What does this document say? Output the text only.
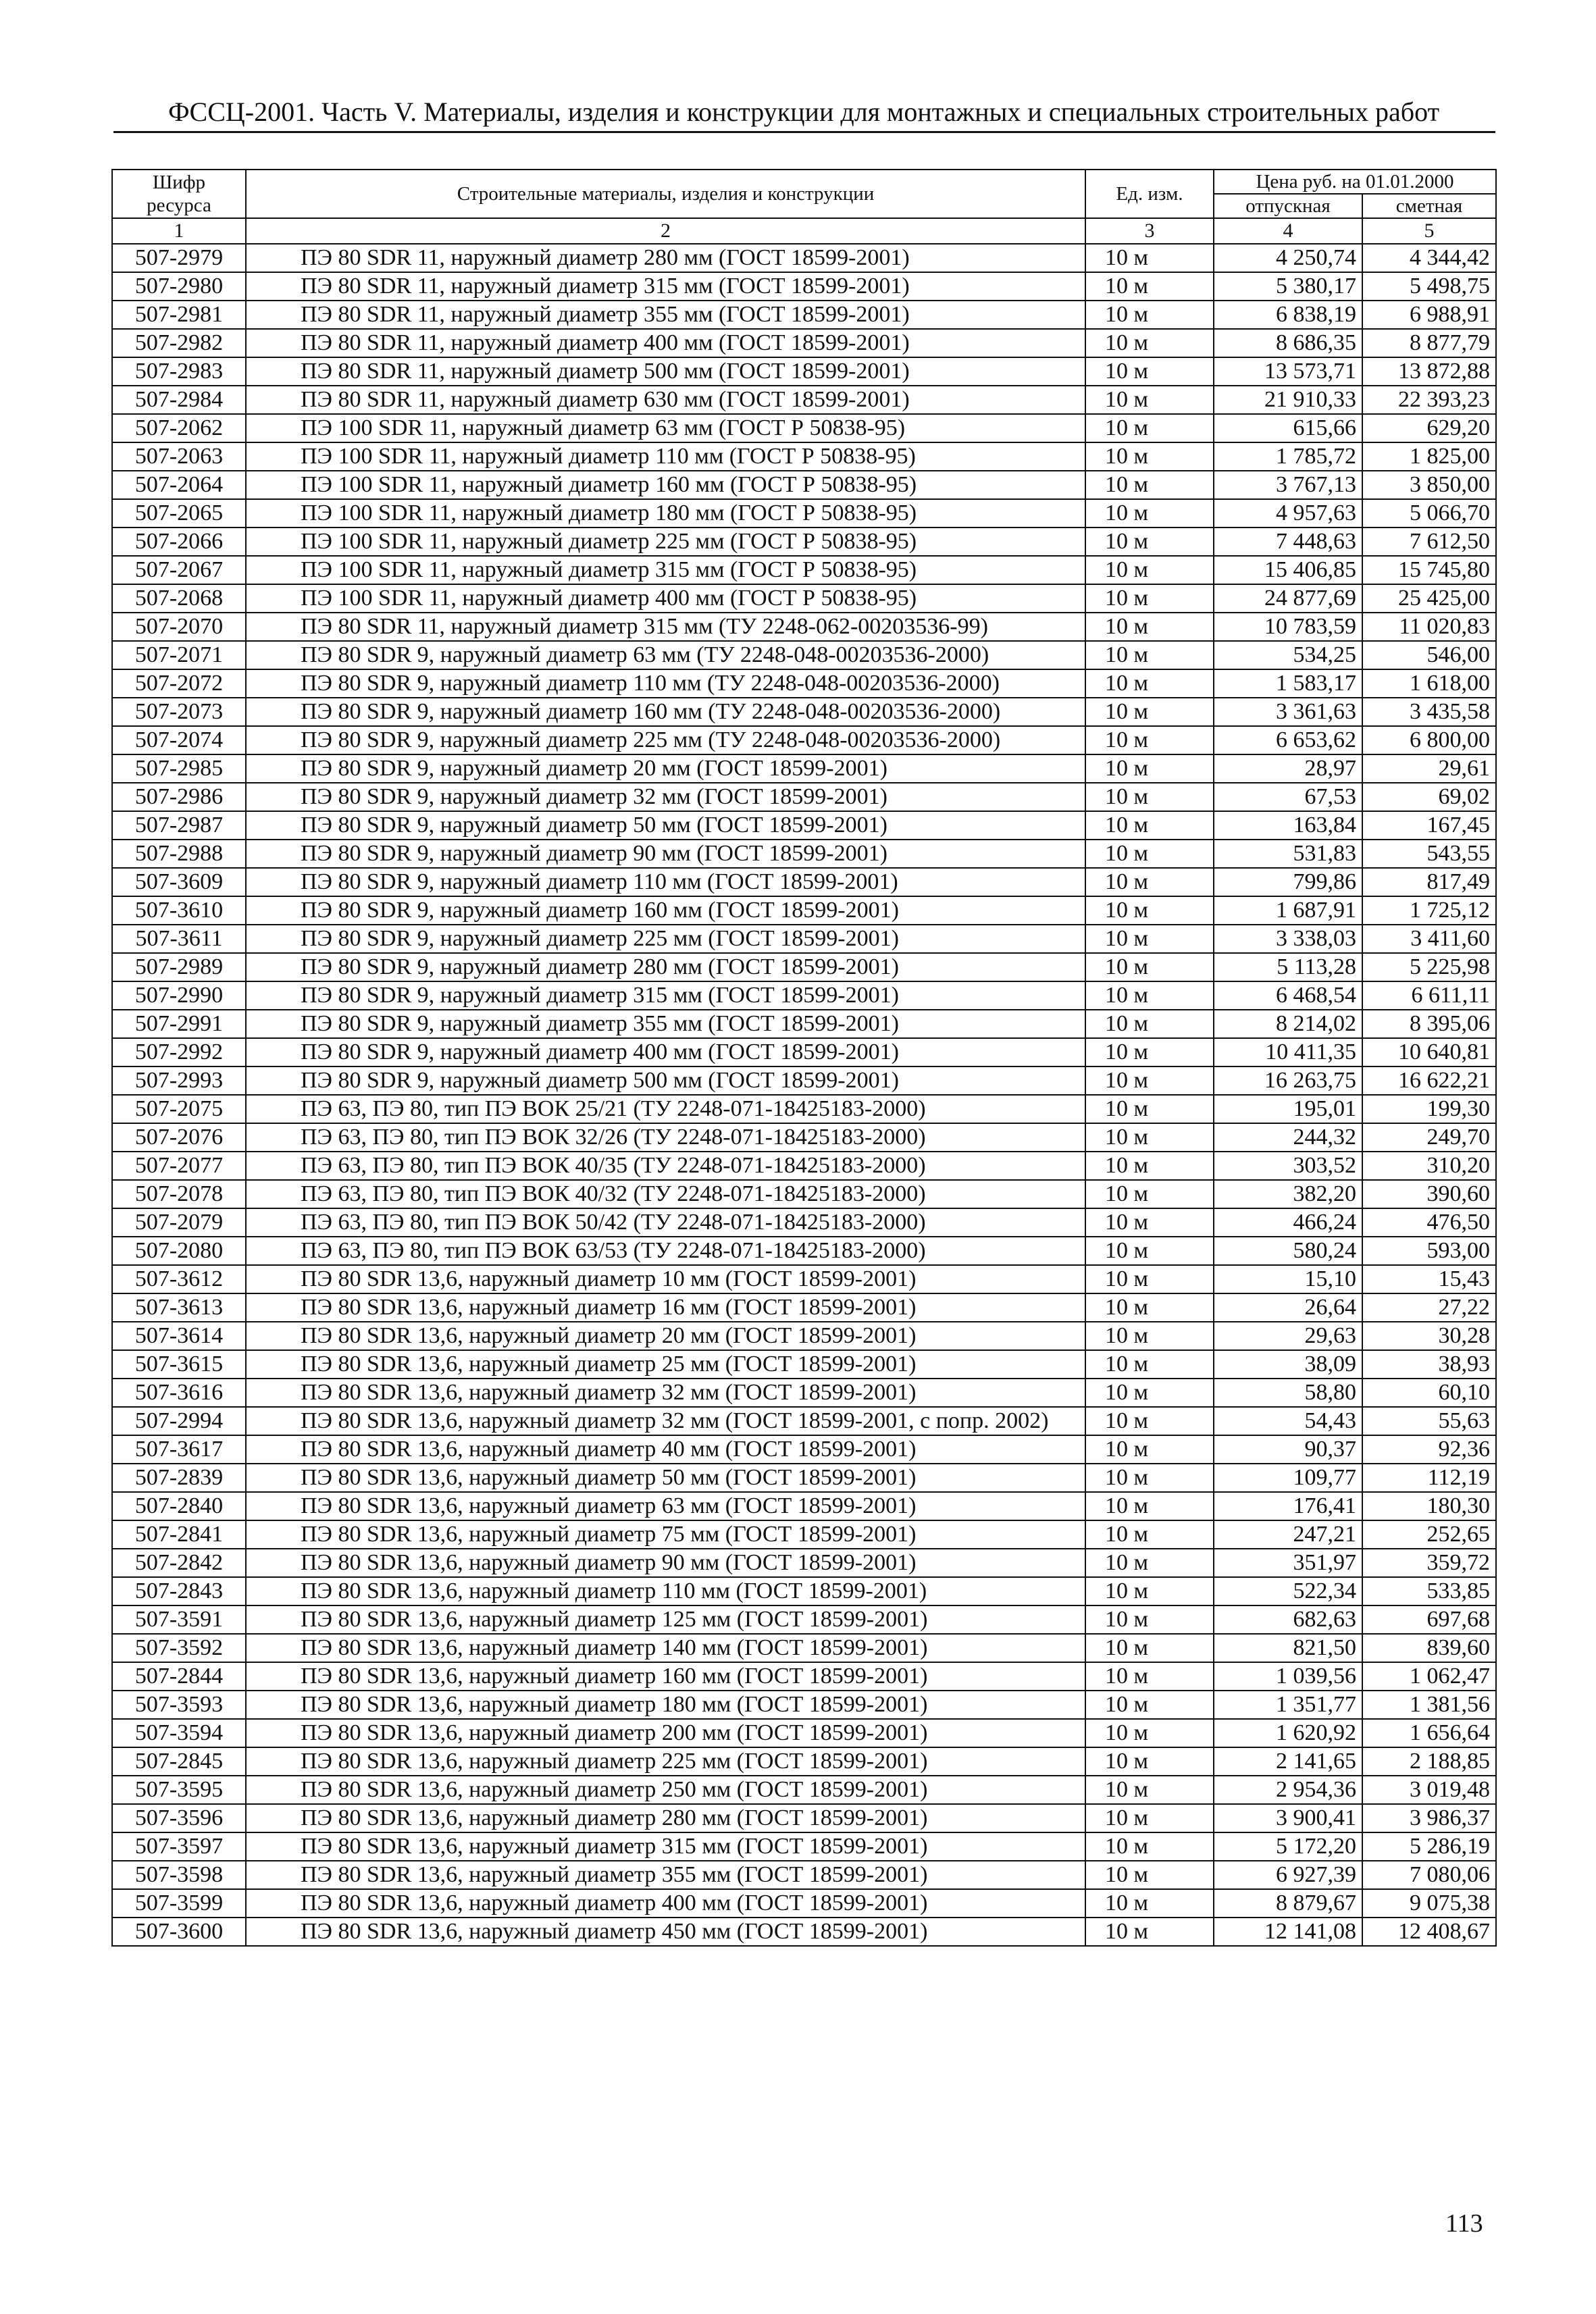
ФССЦ-2001. Часть V. Материалы, изделия и конструкции для монтажных и специальных строительных работ
Шифр ресурса	Строительные материалы, изделия и конструкции	Ед. изм.	Цена руб. на 01.01.2000	
			отпускная	сметная
1	2	3	4	5
507-2979	ПЭ 80 SDR 11, наружный диаметр 280 мм (ГОСТ 18599-2001)	10 м	4 250,74	4 344,42
507-2980	ПЭ 80 SDR 11, наружный диаметр 315 мм (ГОСТ 18599-2001)	10 м	5 380,17	5 498,75
507-2981	ПЭ 80 SDR 11, наружный диаметр 355 мм (ГОСТ 18599-2001)	10 м	6 838,19	6 988,91
507-2982	ПЭ 80 SDR 11, наружный диаметр 400 мм (ГОСТ 18599-2001)	10 м	8 686,35	8 877,79
507-2983	ПЭ 80 SDR 11, наружный диаметр 500 мм (ГОСТ 18599-2001)	10 м	13 573,71	13 872,88
507-2984	ПЭ 80 SDR 11, наружный диаметр 630 мм (ГОСТ 18599-2001)	10 м	21 910,33	22 393,23
507-2062	ПЭ 100 SDR 11, наружный диаметр 63 мм (ГОСТ Р 50838-95)	10 м	615,66	629,20
507-2063	ПЭ 100 SDR 11, наружный диаметр 110 мм (ГОСТ Р 50838-95)	10 м	1 785,72	1 825,00
507-2064	ПЭ 100 SDR 11, наружный диаметр 160 мм (ГОСТ Р 50838-95)	10 м	3 767,13	3 850,00
507-2065	ПЭ 100 SDR 11, наружный диаметр 180 мм (ГОСТ Р 50838-95)	10 м	4 957,63	5 066,70
507-2066	ПЭ 100 SDR 11, наружный диаметр 225 мм (ГОСТ Р 50838-95)	10 м	7 448,63	7 612,50
507-2067	ПЭ 100 SDR 11, наружный диаметр 315 мм (ГОСТ Р 50838-95)	10 м	15 406,85	15 745,80
507-2068	ПЭ 100 SDR 11, наружный диаметр 400 мм (ГОСТ Р 50838-95)	10 м	24 877,69	25 425,00
507-2070	ПЭ 80 SDR 11, наружный диаметр 315 мм (ТУ 2248-062-00203536-99)	10 м	10 783,59	11 020,83
507-2071	ПЭ 80 SDR 9, наружный диаметр 63 мм (ТУ 2248-048-00203536-2000)	10 м	534,25	546,00
507-2072	ПЭ 80 SDR 9, наружный диаметр 110 мм (ТУ 2248-048-00203536-2000)	10 м	1 583,17	1 618,00
507-2073	ПЭ 80 SDR 9, наружный диаметр 160 мм (ТУ 2248-048-00203536-2000)	10 м	3 361,63	3 435,58
507-2074	ПЭ 80 SDR 9, наружный диаметр 225 мм (ТУ 2248-048-00203536-2000)	10 м	6 653,62	6 800,00
507-2985	ПЭ 80 SDR 9, наружный диаметр 20 мм (ГОСТ 18599-2001)	10 м	28,97	29,61
507-2986	ПЭ 80 SDR 9, наружный диаметр 32 мм (ГОСТ 18599-2001)	10 м	67,53	69,02
507-2987	ПЭ 80 SDR 9, наружный диаметр 50 мм (ГОСТ 18599-2001)	10 м	163,84	167,45
507-2988	ПЭ 80 SDR 9, наружный диаметр 90 мм (ГОСТ 18599-2001)	10 м	531,83	543,55
507-3609	ПЭ 80 SDR 9, наружный диаметр 110 мм (ГОСТ 18599-2001)	10 м	799,86	817,49
507-3610	ПЭ 80 SDR 9, наружный диаметр 160 мм (ГОСТ 18599-2001)	10 м	1 687,91	1 725,12
507-3611	ПЭ 80 SDR 9, наружный диаметр 225 мм (ГОСТ 18599-2001)	10 м	3 338,03	3 411,60
507-2989	ПЭ 80 SDR 9, наружный диаметр 280 мм (ГОСТ 18599-2001)	10 м	5 113,28	5 225,98
507-2990	ПЭ 80 SDR 9, наружный диаметр 315 мм (ГОСТ 18599-2001)	10 м	6 468,54	6 611,11
507-2991	ПЭ 80 SDR 9, наружный диаметр 355 мм (ГОСТ 18599-2001)	10 м	8 214,02	8 395,06
507-2992	ПЭ 80 SDR 9, наружный диаметр 400 мм (ГОСТ 18599-2001)	10 м	10 411,35	10 640,81
507-2993	ПЭ 80 SDR 9, наружный диаметр 500 мм (ГОСТ 18599-2001)	10 м	16 263,75	16 622,21
507-2075	ПЭ 63, ПЭ 80, тип ПЭ ВОК 25/21 (ТУ 2248-071-18425183-2000)	10 м	195,01	199,30
507-2076	ПЭ 63, ПЭ 80, тип ПЭ ВОК 32/26 (ТУ 2248-071-18425183-2000)	10 м	244,32	249,70
507-2077	ПЭ 63, ПЭ 80, тип ПЭ ВОК 40/35 (ТУ 2248-071-18425183-2000)	10 м	303,52	310,20
507-2078	ПЭ 63, ПЭ 80, тип ПЭ ВОК 40/32 (ТУ 2248-071-18425183-2000)	10 м	382,20	390,60
507-2079	ПЭ 63, ПЭ 80, тип ПЭ ВОК 50/42 (ТУ 2248-071-18425183-2000)	10 м	466,24	476,50
507-2080	ПЭ 63, ПЭ 80, тип ПЭ ВОК 63/53 (ТУ 2248-071-18425183-2000)	10 м	580,24	593,00
507-3612	ПЭ 80 SDR 13,6, наружный диаметр 10 мм (ГОСТ 18599-2001)	10 м	15,10	15,43
507-3613	ПЭ 80 SDR 13,6, наружный диаметр 16 мм (ГОСТ 18599-2001)	10 м	26,64	27,22
507-3614	ПЭ 80 SDR 13,6, наружный диаметр 20 мм (ГОСТ 18599-2001)	10 м	29,63	30,28
507-3615	ПЭ 80 SDR 13,6, наружный диаметр 25 мм (ГОСТ 18599-2001)	10 м	38,09	38,93
507-3616	ПЭ 80 SDR 13,6, наружный диаметр 32 мм (ГОСТ 18599-2001)	10 м	58,80	60,10
507-2994	ПЭ 80 SDR 13,6, наружный диаметр 32 мм (ГОСТ 18599-2001, с попр. 2002)	10 м	54,43	55,63
507-3617	ПЭ 80 SDR 13,6, наружный диаметр 40 мм (ГОСТ 18599-2001)	10 м	90,37	92,36
507-2839	ПЭ 80 SDR 13,6, наружный диаметр 50 мм (ГОСТ 18599-2001)	10 м	109,77	112,19
507-2840	ПЭ 80 SDR 13,6, наружный диаметр 63 мм (ГОСТ 18599-2001)	10 м	176,41	180,30
507-2841	ПЭ 80 SDR 13,6, наружный диаметр 75 мм (ГОСТ 18599-2001)	10 м	247,21	252,65
507-2842	ПЭ 80 SDR 13,6, наружный диаметр 90 мм (ГОСТ 18599-2001)	10 м	351,97	359,72
507-2843	ПЭ 80 SDR 13,6, наружный диаметр 110 мм (ГОСТ 18599-2001)	10 м	522,34	533,85
507-3591	ПЭ 80 SDR 13,6, наружный диаметр 125 мм (ГОСТ 18599-2001)	10 м	682,63	697,68
507-3592	ПЭ 80 SDR 13,6, наружный диаметр 140 мм (ГОСТ 18599-2001)	10 м	821,50	839,60
507-2844	ПЭ 80 SDR 13,6, наружный диаметр 160 мм (ГОСТ 18599-2001)	10 м	1 039,56	1 062,47
507-3593	ПЭ 80 SDR 13,6, наружный диаметр 180 мм (ГОСТ 18599-2001)	10 м	1 351,77	1 381,56
507-3594	ПЭ 80 SDR 13,6, наружный диаметр 200 мм (ГОСТ 18599-2001)	10 м	1 620,92	1 656,64
507-2845	ПЭ 80 SDR 13,6, наружный диаметр 225 мм (ГОСТ 18599-2001)	10 м	2 141,65	2 188,85
507-3595	ПЭ 80 SDR 13,6, наружный диаметр 250 мм (ГОСТ 18599-2001)	10 м	2 954,36	3 019,48
507-3596	ПЭ 80 SDR 13,6, наружный диаметр 280 мм (ГОСТ 18599-2001)	10 м	3 900,41	3 986,37
507-3597	ПЭ 80 SDR 13,6, наружный диаметр 315 мм (ГОСТ 18599-2001)	10 м	5 172,20	5 286,19
507-3598	ПЭ 80 SDR 13,6, наружный диаметр 355 мм (ГОСТ 18599-2001)	10 м	6 927,39	7 080,06
507-3599	ПЭ 80 SDR 13,6, наружный диаметр 400 мм (ГОСТ 18599-2001)	10 м	8 879,67	9 075,38
507-3600	ПЭ 80 SDR 13,6, наружный диаметр 450 мм (ГОСТ 18599-2001)	10 м	12 141,08	12 408,67
113
